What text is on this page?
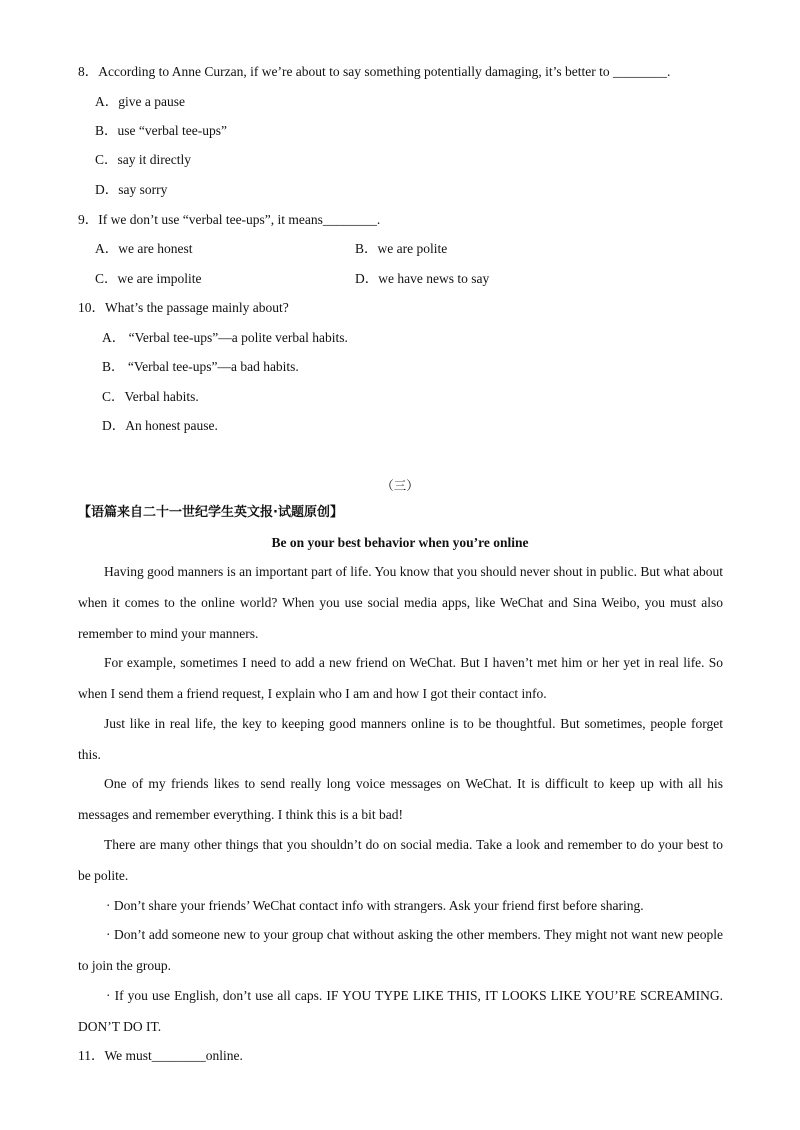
8．According to Anne Curzan, if we’re about to say something potentially damaging, it’s better to ________.
A．give a pause
B．use “verbal tee-ups”
C．say it directly
D．say sorry
9．If we don’t use “verbal tee-ups”, it means________.
A．we are honest	B．we are polite
C．we are impolite	D．we have news to say
10．What’s the passage mainly about?
A． “Verbal tee-ups”—a polite verbal habits.
B． “Verbal tee-ups”—a bad habits.
C．Verbal habits.
D．An honest pause.
（三）
【语篇来自二十一世纪学生英文报·试题原创】
Be on your best behavior when you’re online
Having good manners is an important part of life. You know that you should never shout in public. But what about when it comes to the online world? When you use social media apps, like WeChat and Sina Weibo, you must also remember to mind your manners.
For example, sometimes I need to add a new friend on WeChat. But I haven’t met him or her yet in real life. So when I send them a friend request, I explain who I am and how I got their contact info.
Just like in real life, the key to keeping good manners online is to be thoughtful. But sometimes, people forget this.
One of my friends likes to send really long voice messages on WeChat. It is difficult to keep up with all his messages and remember everything. I think this is a bit bad!
There are many other things that you shouldn’t do on social media. Take a look and remember to do your best to be polite.
· Don’t share your friends’ WeChat contact info with strangers. Ask your friend first before sharing.
· Don’t add someone new to your group chat without asking the other members. They might not want new people to join the group.
· If you use English, don’t use all caps. IF YOU TYPE LIKE THIS, IT LOOKS LIKE YOU’RE SCREAMING. DON’T DO IT.
11．We must________online.
